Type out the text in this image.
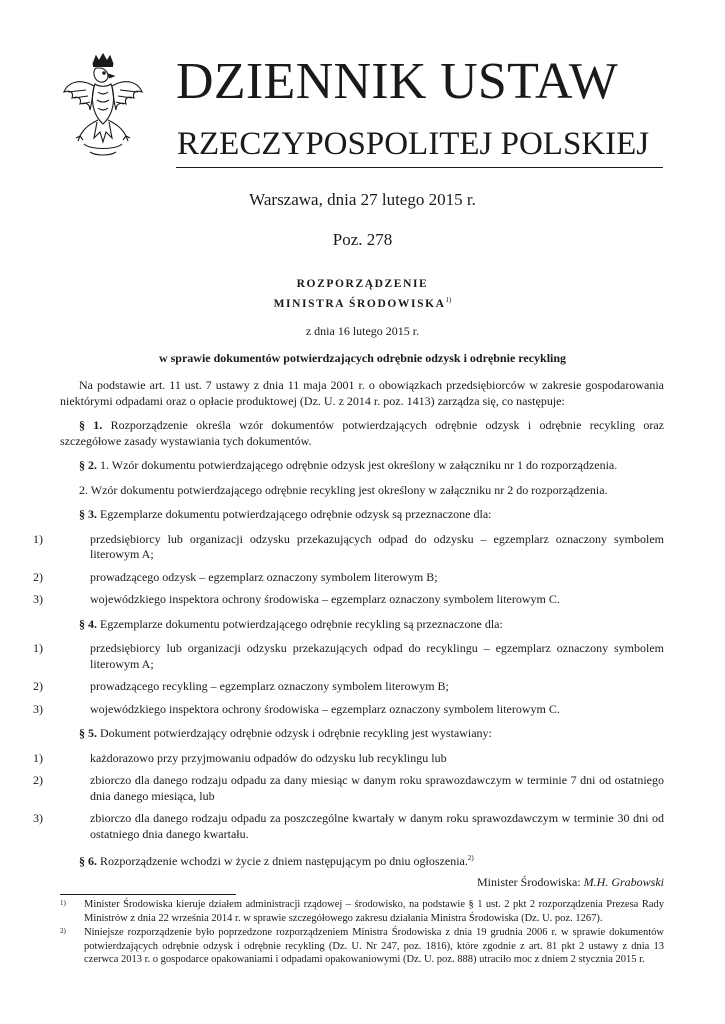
DZIENNIK USTAW
RZECZYPOSPOLITEJ POLSKIEJ
Warszawa, dnia 27 lutego 2015 r.
Poz. 278
ROZPORZĄDZENIE
MINISTRA ŚRODOWISKA$^{1)}$
z dnia 16 lutego 2015 r.
w sprawie dokumentów potwierdzających odrębnie odzysk i odrębnie recykling

Na podstawie art. 11 ust. 7 ustawy z dnia 11 maja 2001 r. o obowiązkach przedsiębiorców w zakresie gospodarowania niektórymi odpadami oraz o opłacie produktowej (Dz. U. z 2014 r. poz. 1413) zarządza się, co następuje:

§ 1. Rozporządzenie określa wzór dokumentów potwierdzających odrębnie odzysk i odrębnie recykling oraz szczegółowe zasady wystawiania tych dokumentów.

§ 2. 1. Wzór dokumentu potwierdzającego odrębnie odzysk jest określony w załączniku nr 1 do rozporządzenia.

2. Wzór dokumentu potwierdzającego odrębnie recykling jest określony w załączniku nr 2 do rozporządzenia.

§ 3. Egzemplarze dokumentu potwierdzającego odrębnie odzysk są przeznaczone dla:

1)	przedsiębiorcy lub organizacji odzysku przekazujących odpad do odzysku – egzemplarz oznaczony symbolem literowym A;
2)	prowadzącego odzysk – egzemplarz oznaczony symbolem literowym B;
3)	wojewódzkiego inspektora ochrony środowiska – egzemplarz oznaczony symbolem literowym C.

§ 4. Egzemplarze dokumentu potwierdzającego odrębnie recykling są przeznaczone dla:

1)	przedsiębiorcy lub organizacji odzysku przekazujących odpad do recyklingu – egzemplarz oznaczony symbolem literowym A;
2)	prowadzącego recykling – egzemplarz oznaczony symbolem literowym B;
3)	wojewódzkiego inspektora ochrony środowiska – egzemplarz oznaczony symbolem literowym C.

§ 5. Dokument potwierdzający odrębnie odzysk i odrębnie recykling jest wystawiany:

1)	każdorazowo przy przyjmowaniu odpadów do odzysku lub recyklingu lub
2)	zbiorczo dla danego rodzaju odpadu za dany miesiąc w danym roku sprawozdawczym w terminie 7 dni od ostatniego dnia danego miesiąca, lub
3)	zbiorczo dla danego rodzaju odpadu za poszczególne kwartały w danym roku sprawozdawczym w terminie 30 dni od ostatniego dnia danego kwartału.

§ 6. Rozporządzenie wchodzi w życie z dniem następującym po dniu ogłoszenia.$^{2)}$

Minister Środowiska: M.H. Grabowski
1) Minister Środowiska kieruje działem administracji rządowej – środowisko, na podstawie § 1 ust. 2 pkt 2 rozporządzenia Prezesa Rady Ministrów z dnia 22 września 2014 r. w sprawie szczegółowego zakresu działania Ministra Środowiska (Dz. U. poz. 1267).
2) Niniejsze rozporządzenie było poprzedzone rozporządzeniem Ministra Środowiska z dnia 19 grudnia 2006 r. w sprawie dokumentów potwierdzających odrębnie odzysk i odrębnie recykling (Dz. U. Nr 247, poz. 1816), które zgodnie z art. 81 pkt 2 ustawy z dnia 13 czerwca 2013 r. o gospodarce opakowaniami i odpadami opakowaniowymi (Dz. U. poz. 888) utraciło moc z dniem 2 stycznia 2015 r.
